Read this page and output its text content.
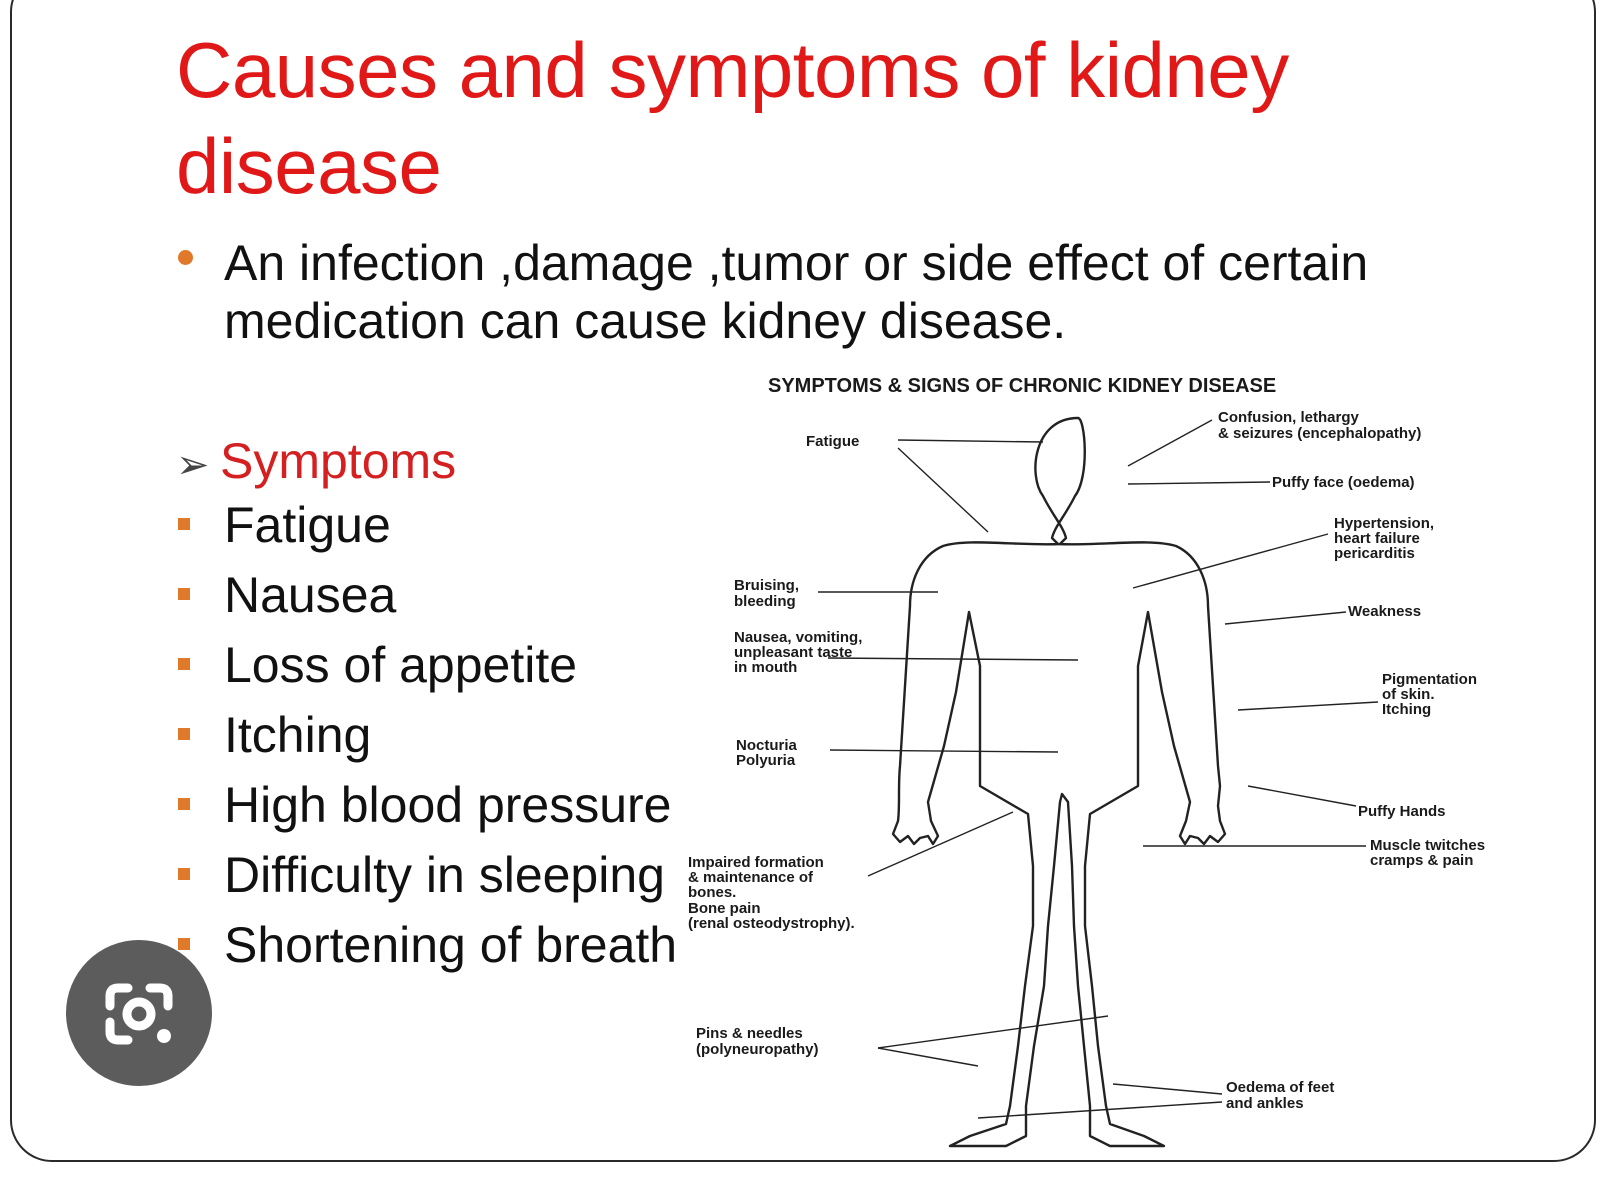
Causes and symptoms of kidney disease

An infection ,damage ,tumor or side effect of certain medication can cause kidney disease.

➢ Symptoms
Fatigue
Nausea
Loss of appetite
Itching
High blood pressure
Difficulty in sleeping
Shortening of breath
SYMPTOMS & SIGNS OF CHRONIC KIDNEY DISEASE
Fatigue
Confusion, lethargy
& seizures (encephalopathy)
Puffy face (oedema)
Hypertension,
heart failure
pericarditis
Bruising,
bleeding
Weakness
Nausea, vomiting,
unpleasant taste
in mouth
Pigmentation
of skin.
Itching
Nocturia
Polyuria
Puffy Hands
Muscle twitches
cramps & pain
Impaired formation
& maintenance of
bones.
Bone pain
(renal osteodystrophy).
Pins & needles
(polyneuropathy)
Oedema of feet
and ankles
